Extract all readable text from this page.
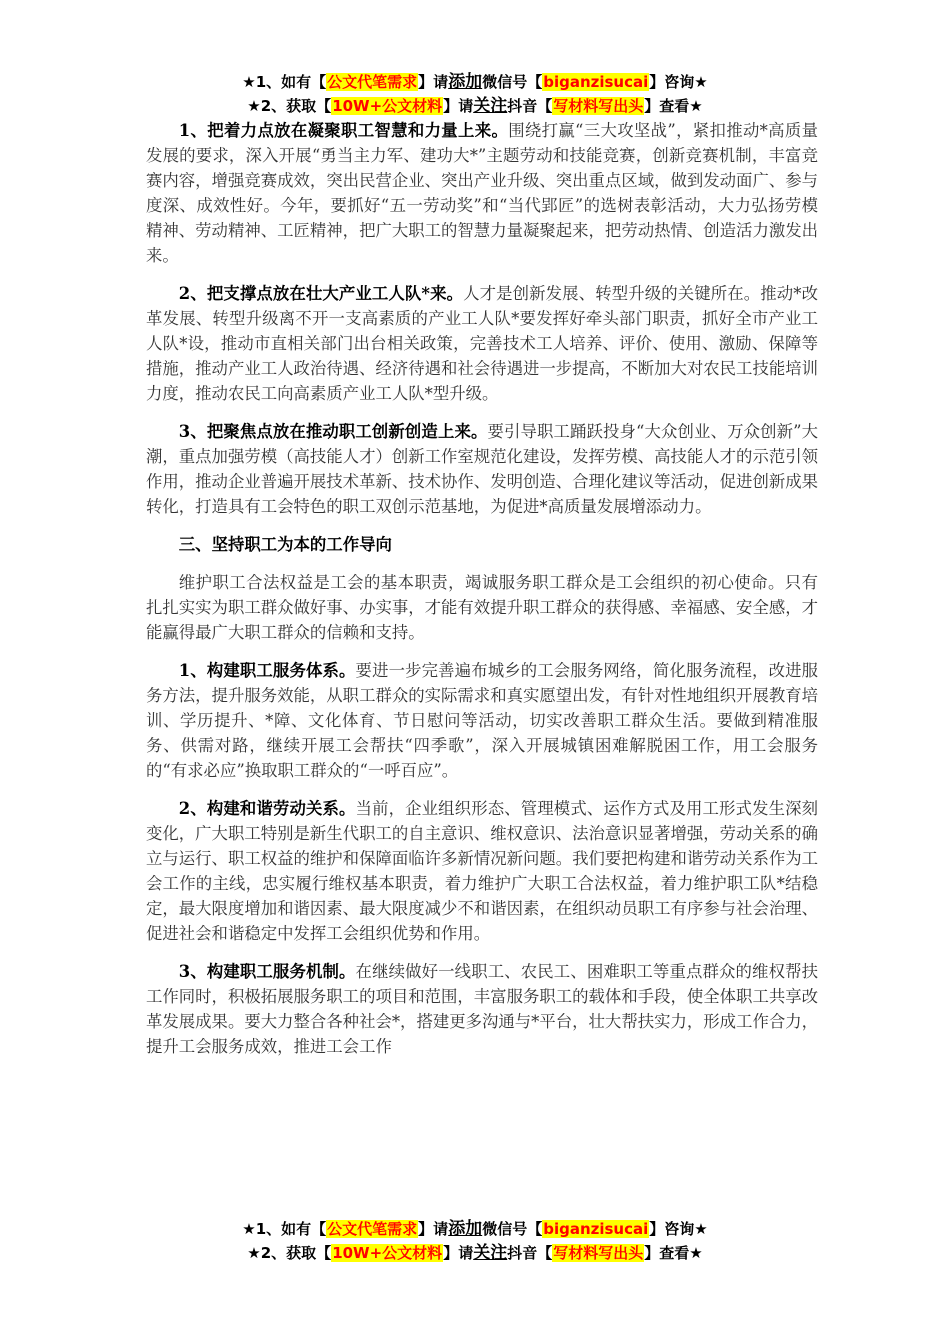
★1、如有【公文代笔需求】请添加微信号【biganzisucai】咨询★
★2、获取【10W+公文材料】请关注抖音【写材料写出头】查看★

1、把着力点放在凝聚职工智慧和力量上来。围绕打赢“三大攻坚战”，紧扣推动*高质量发展的要求，深入开展“勇当主力军、建功大*”主题劳动和技能竞赛，创新竞赛机制，丰富竞赛内容，增强竞赛成效，突出民营企业、突出产业升级、突出重点区域，做到发动面广、参与度深、成效性好。今年，要抓好“五一劳动奖”和“当代郢匠”的选树表彰活动，大力弘扬劳模精神、劳动精神、工匠精神，把广大职工的智慧力量凝聚起来，把劳动热情、创造活力激发出来。

2、把支撑点放在壮大产业工人队*来。人才是创新发展、转型升级的关键所在。推动*改革发展、转型升级离不开一支高素质的产业工人队*要发挥好牵头部门职责，抓好全市产业工人队*设，推动市直相关部门出台相关政策，完善技术工人培养、评价、使用、激励、保障等措施，推动产业工人政治待遇、经济待遇和社会待遇进一步提高，不断加大对农民工技能培训力度，推动农民工向高素质产业工人队*型升级。

3、把聚焦点放在推动职工创新创造上来。要引导职工踊跃投身“大众创业、万众创新”大潮，重点加强劳模（高技能人才）创新工作室规范化建设，发挥劳模、高技能人才的示范引领作用，推动企业普遍开展技术革新、技术协作、发明创造、合理化建议等活动，促进创新成果转化，打造具有工会特色的职工双创示范基地，为促进*高质量发展增添动力。

三、坚持职工为本的工作导向

维护职工合法权益是工会的基本职责，竭诚服务职工群众是工会组织的初心使命。只有扎扎实实为职工群众做好事、办实事，才能有效提升职工群众的获得感、幸福感、安全感，才能赢得最广大职工群众的信赖和支持。

1、构建职工服务体系。要进一步完善遍布城乡的工会服务网络，简化服务流程，改进服务方法，提升服务效能，从职工群众的实际需求和真实愿望出发，有针对性地组织开展教育培训、学历提升、*障、文化体育、节日慰问等活动，切实改善职工群众生活。要做到精准服务、供需对路，继续开展工会帮扶“四季歌”，深入开展城镇困难解脱困工作，用工会服务的“有求必应”换取职工群众的“一呼百应”。

2、构建和谐劳动关系。当前，企业组织形态、管理模式、运作方式及用工形式发生深刻变化，广大职工特别是新生代职工的自主意识、维权意识、法治意识显著增强，劳动关系的确立与运行、职工权益的维护和保障面临许多新情况新问题。我们要把构建和谐劳动关系作为工会工作的主线，忠实履行维权基本职责，着力维护广大职工合法权益，着力维护职工队*结稳定，最大限度增加和谐因素、最大限度减少不和谐因素，在组织动员职工有序参与社会治理、促进社会和谐稳定中发挥工会组织优势和作用。

3、构建职工服务机制。在继续做好一线职工、农民工、困难职工等重点群众的维权帮扶工作同时，积极拓展服务职工的项目和范围，丰富服务职工的载体和手段，使全体职工共享改革发展成果。要大力整合各种社会*，搭建更多沟通与*平台，壮大帮扶实力，形成工作合力，提升工会服务成效，推进工会工作

★1、如有【公文代笔需求】请添加微信号【biganzisucai】咨询★
★2、获取【10W+公文材料】请关注抖音【写材料写出头】查看★
